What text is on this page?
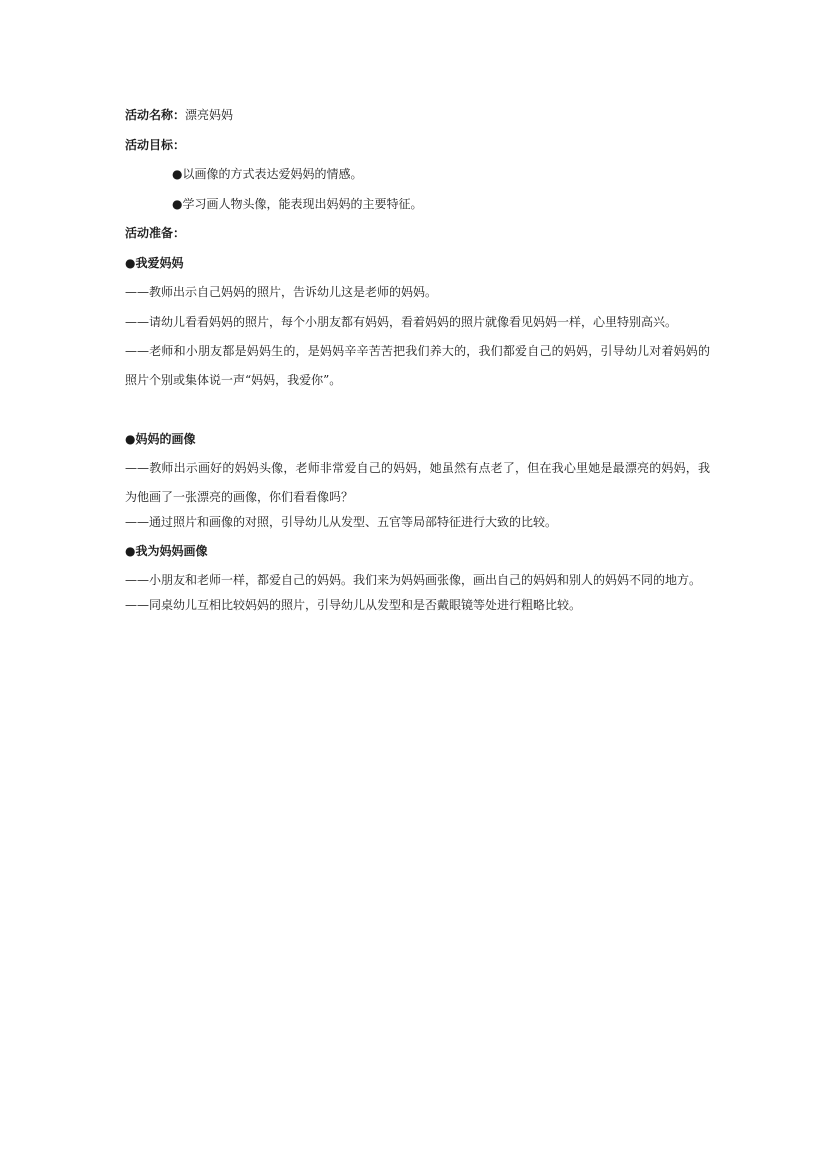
活动名称：漂亮妈妈
活动目标：
●以画像的方式表达爱妈妈的情感。
●学习画人物头像，能表现出妈妈的主要特征。
活动准备：
●我爱妈妈
——教师出示自己妈妈的照片，告诉幼儿这是老师的妈妈。
——请幼儿看看妈妈的照片，每个小朋友都有妈妈，看着妈妈的照片就像看见妈妈一样，心里特别高兴。
——老师和小朋友都是妈妈生的，是妈妈辛辛苦苦把我们养大的，我们都爱自己的妈妈，引导幼儿对着妈妈的照片个别或集体说一声“妈妈，我爱你”。
●妈妈的画像
——教师出示画好的妈妈头像，老师非常爱自己的妈妈，她虽然有点老了，但在我心里她是最漂亮的妈妈，我为他画了一张漂亮的画像，你们看看像吗？
——通过照片和画像的对照，引导幼儿从发型、五官等局部特征进行大致的比较。
●我为妈妈画像
——小朋友和老师一样，都爱自己的妈妈。我们来为妈妈画张像，画出自己的妈妈和别人的妈妈不同的地方。
——同桌幼儿互相比较妈妈的照片，引导幼儿从发型和是否戴眼镜等处进行粗略比较。
